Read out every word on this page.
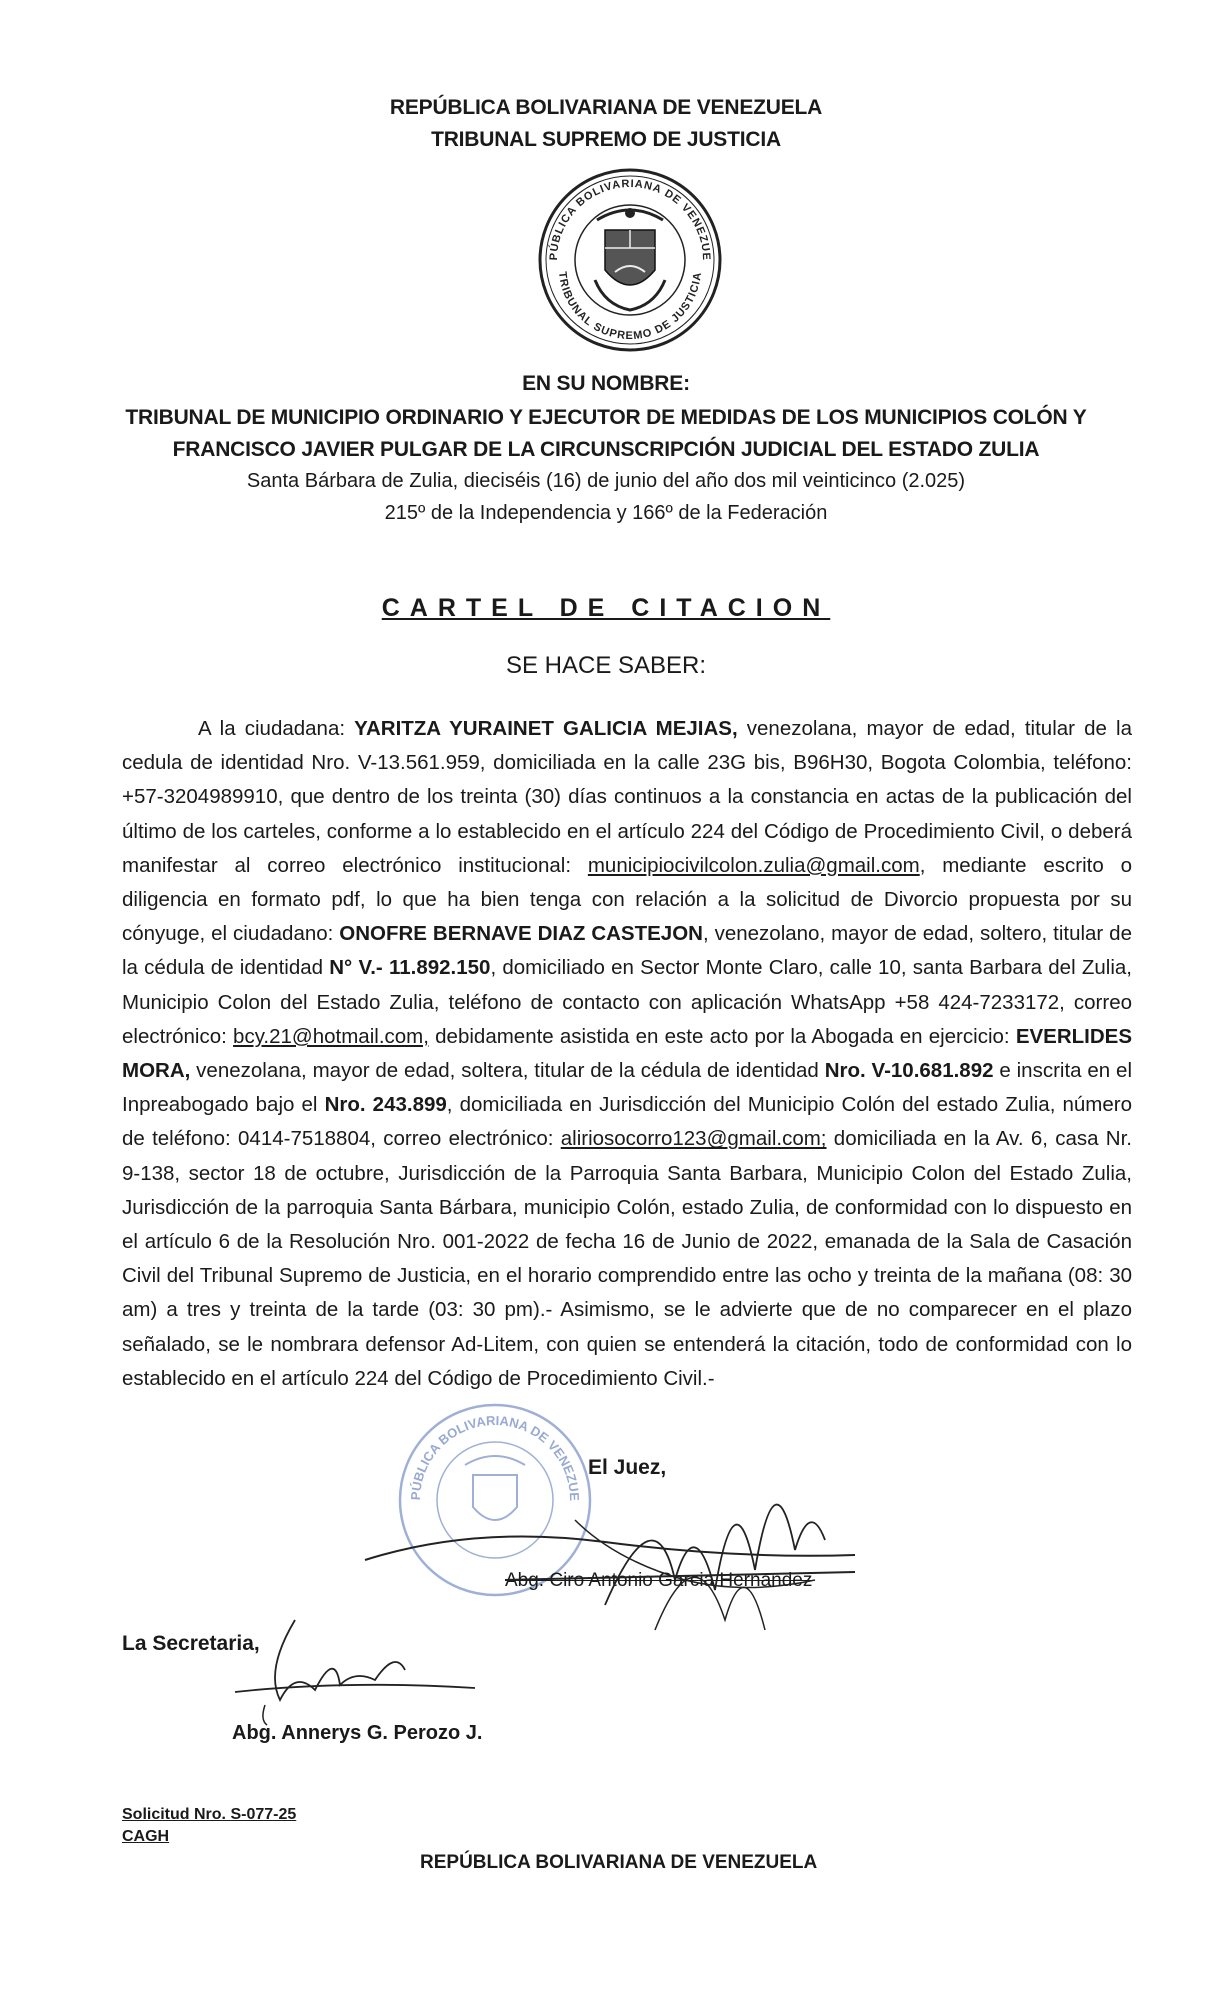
REPÚBLICA BOLIVARIANA DE VENEZUELA
TRIBUNAL SUPREMO DE JUSTICIA
PÚBLICA BOLIVARIANA DE VENEZUE
TRIBUNAL SUPREMO DE JUSTICIA
EN SU NOMBRE:
TRIBUNAL DE MUNICIPIO ORDINARIO Y EJECUTOR DE MEDIDAS DE LOS MUNICIPIOS COLÓN Y
FRANCISCO JAVIER PULGAR DE LA CIRCUNSCRIPCIÓN JUDICIAL DEL ESTADO ZULIA
Santa Bárbara de Zulia, dieciséis (16) de junio del año dos mil veinticinco (2.025)
215º de la Independencia y 166º de la Federación
CARTEL DE CITACION
SE HACE SABER:

A la ciudadana: YARITZA YURAINET GALICIA MEJIAS, venezolana, mayor de edad, titular de la cedula de identidad Nro. V-13.561.959, domiciliada en la calle 23G bis, B96H30, Bogota Colombia, teléfono: +57-3204989910, que dentro de los treinta (30) días continuos a la constancia en actas de la publicación del último de los carteles, conforme a lo establecido en el artículo 224 del Código de Procedimiento Civil, o deberá manifestar al correo electrónico institucional: municipiocivilcolon.zulia@gmail.com, mediante escrito o diligencia en formato pdf, lo que ha bien tenga con relación a la solicitud de Divorcio propuesta por su cónyuge, el ciudadano: ONOFRE BERNAVE DIAZ CASTEJON, venezolano, mayor de edad, soltero, titular de la cédula de identidad N° V.- 11.892.150, domiciliado en Sector Monte Claro, calle 10, santa Barbara del Zulia, Municipio Colon del Estado Zulia, teléfono de contacto con aplicación WhatsApp +58 424-7233172, correo electrónico: bcy.21@hotmail.com, debidamente asistida en este acto por la Abogada en ejercicio: EVERLIDES MORA, venezolana, mayor de edad, soltera, titular de la cédula de identidad Nro. V-10.681.892 e inscrita en el Inpreabogado bajo el Nro. 243.899, domiciliada en Jurisdicción del Municipio Colón del estado Zulia, número de teléfono: 0414-7518804, correo electrónico: aliriosocorro123@gmail.com; domiciliada en la Av. 6, casa Nr. 9-138, sector 18 de octubre, Jurisdicción de la Parroquia Santa Barbara, Municipio Colon del Estado Zulia, Jurisdicción de la parroquia Santa Bárbara, municipio Colón, estado Zulia, de conformidad con lo dispuesto en el artículo 6 de la Resolución Nro. 001-2022 de fecha 16 de Junio de 2022, emanada de la Sala de Casación Civil del Tribunal Supremo de Justicia, en el horario comprendido entre las ocho y treinta de la mañana (08: 30 am) a tres y treinta de la tarde (03: 30 pm).- Asimismo, se le advierte que de no comparecer en el plazo señalado, se le nombrara defensor Ad-Litem, con quien se entenderá la citación, todo de conformidad con lo establecido en el artículo 224 del Código de Procedimiento Civil.-

PÚBLICA BOLIVARIANA DE VENEZUE
El Juez,
Abg. Ciro Antonio Garcia Hernandez
La Secretaria,
Abg. Annerys G. Perozo J.
Solicitud Nro. S-077-25
CAGH
REPÚBLICA BOLIVARIANA DE VENEZUELA
